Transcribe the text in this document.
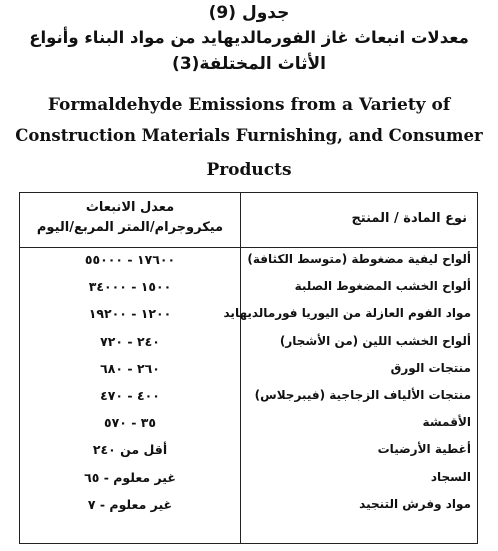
جدول (9)
معدلات انبعاث غاز الفورمالديهايد من مواد البناء وأنواع
الأثاث المختلفة(3)
Formaldehyde Emissions from a Variety of
Construction Materials Furnishing, and Consumer
Products
نوع المادة / المنتج
معدل الانبعاث
ميكروجرام/المتر المربع/اليوم
ألواح ليفية مضغوطة (متوسط الكثافة)
١٧٦٠٠ - ٥٥٠٠٠
ألواح الخشب المضغوط الصلبة
١٥٠٠ - ٣٤٠٠٠
مواد الفوم العازلة من اليوريا فورمالديهايد
١٢٠٠ - ١٩٢٠٠
ألواح الخشب اللين (من الأشجار)
٢٤٠ - ٧٢٠
منتجات الورق
٢٦٠ - ٦٨٠
منتجات الألياف الزجاجية (فيبرجلاس)
٤٠٠ - ٤٧٠
الأقمشة
٣٥ - ٥٧٠
أغطية الأرضيات
أقل من ٢٤٠
السجاد
غير معلوم - ٦٥
مواد وفرش التنجيد
غير معلوم - ٧
